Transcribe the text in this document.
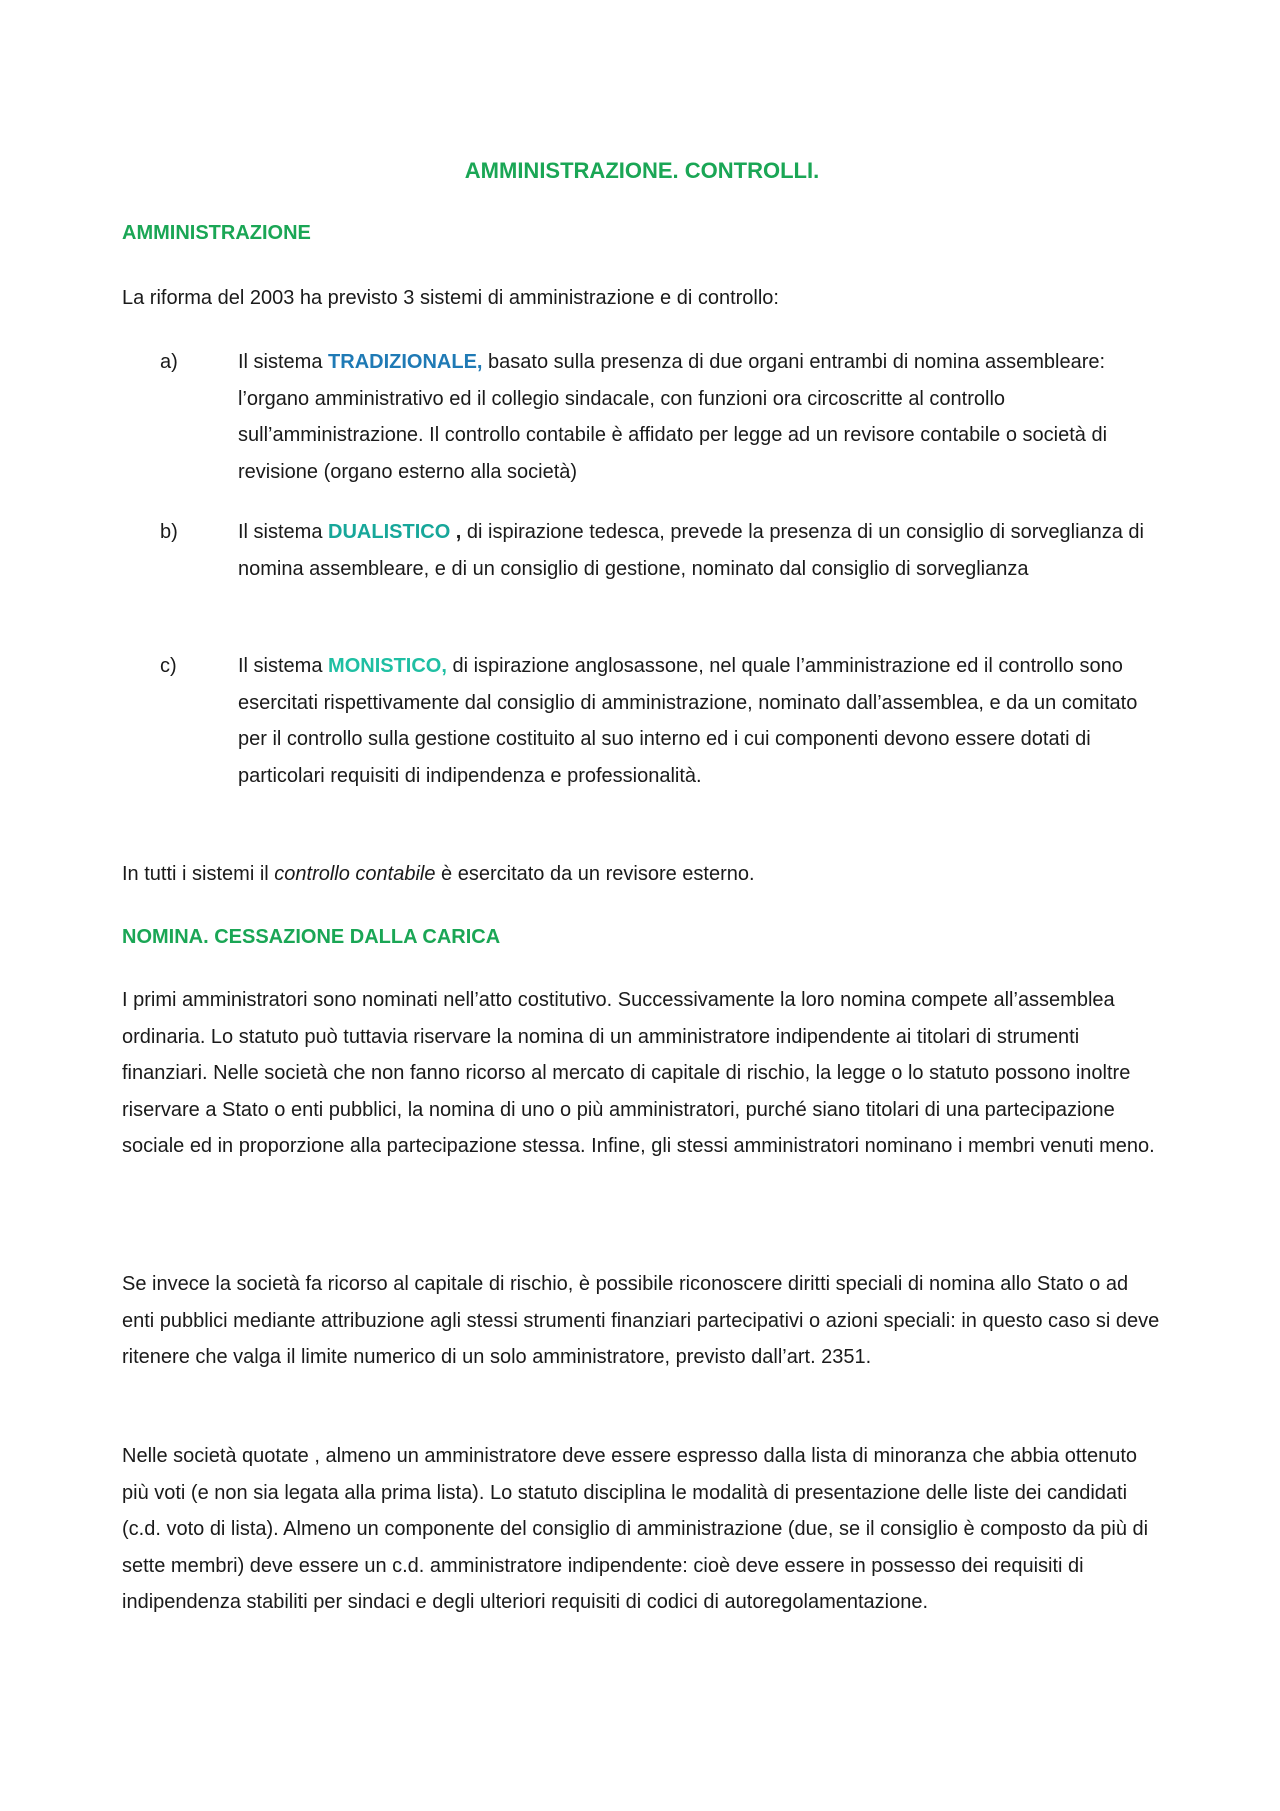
AMMINISTRAZIONE. CONTROLLI.
AMMINISTRAZIONE

La riforma del 2003 ha previsto 3 sistemi di amministrazione e di controllo:

a)	Il sistema TRADIZIONALE, basato sulla presenza di due organi entrambi di nomina assembleare: l’organo amministrativo ed il collegio sindacale, con funzioni ora circoscritte al controllo sull’amministrazione. Il controllo contabile è affidato per legge ad un revisore contabile o società di revisione (organo esterno alla società)
b)	Il sistema DUALISTICO , di ispirazione tedesca, prevede la presenza di un consiglio di sorveglianza di nomina assembleare, e di un consiglio di gestione, nominato dal consiglio di sorveglianza
c)	Il sistema MONISTICO, di ispirazione anglosassone, nel quale l’amministrazione ed il controllo sono esercitati rispettivamente dal consiglio di amministrazione, nominato dall’assemblea, e da un comitato per il controllo sulla gestione costituito al suo interno ed i cui componenti devono essere dotati di particolari requisiti di indipendenza e professionalità.

In tutti i sistemi il controllo contabile è esercitato da un revisore esterno.

NOMINA. CESSAZIONE DALLA CARICA

I primi amministratori sono nominati nell’atto costitutivo. Successivamente la loro nomina compete all’assemblea ordinaria. Lo statuto può tuttavia riservare la nomina di un amministratore indipendente ai titolari di strumenti finanziari. Nelle società che non fanno ricorso al mercato di capitale di rischio, la legge o lo statuto possono inoltre riservare a Stato o enti pubblici, la nomina di uno o più amministratori, purché siano titolari di una partecipazione sociale ed in proporzione alla partecipazione stessa. Infine, gli stessi amministratori nominano i membri venuti meno.

Se invece la società fa ricorso al capitale di rischio, è possibile riconoscere diritti speciali di nomina allo Stato o ad enti pubblici mediante attribuzione agli stessi strumenti finanziari partecipativi o azioni speciali: in questo caso si deve ritenere che valga il limite numerico di un solo amministratore, previsto dall’art. 2351.

Nelle società quotate , almeno un amministratore deve essere espresso dalla lista di minoranza che abbia ottenuto più voti (e non sia legata alla prima lista). Lo statuto disciplina le modalità di presentazione delle liste dei candidati (c.d. voto di lista). Almeno un componente del consiglio di amministrazione (due, se il consiglio è composto da più di sette membri) deve essere un c.d. amministratore indipendente: cioè deve essere in possesso dei requisiti di indipendenza stabiliti per sindaci e degli ulteriori requisiti di codici di autoregolamentazione.
